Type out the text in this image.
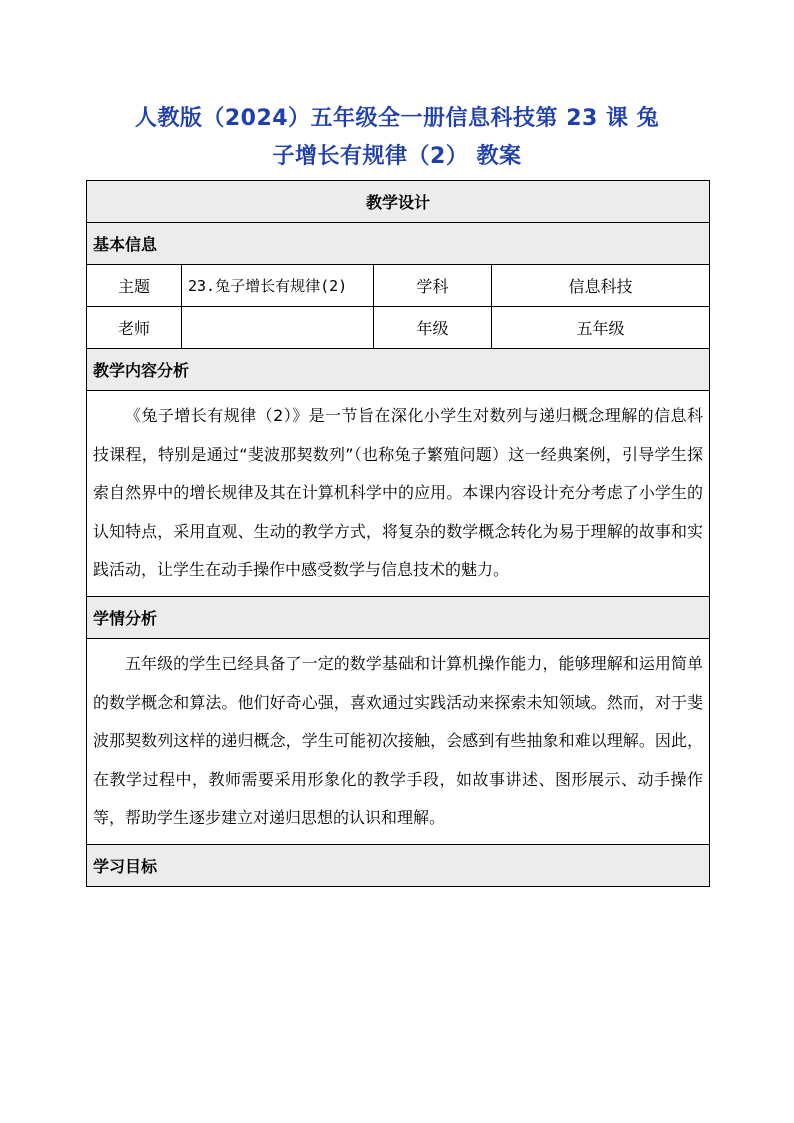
人教版（2024）五年级全一册信息科技第 23 课 兔
子增长有规律（2） 教案
教学设计			
基本信息			
主题	23.兔子增长有规律(2)	学科	信息科技
老师		年级	五年级
教学内容分析			
《兔子增长有规律（2）》是一节旨在深化小学生对数列与递归概念理解的信息科技课程，特别是通过“斐波那契数列”（也称兔子繁殖问题）这一经典案例，引导学生探索自然界中的增长规律及其在计算机科学中的应用。本课内容设计充分考虑了小学生的认知特点，采用直观、生动的教学方式，将复杂的数学概念转化为易于理解的故事和实践活动，让学生在动手操作中感受数学与信息技术的魅力。			
学情分析			
五年级的学生已经具备了一定的数学基础和计算机操作能力，能够理解和运用简单的数学概念和算法。他们好奇心强，喜欢通过实践活动来探索未知领域。然而，对于斐波那契数列这样的递归概念，学生可能初次接触，会感到有些抽象和难以理解。因此，在教学过程中，教师需要采用形象化的教学手段，如故事讲述、图形展示、动手操作等，帮助学生逐步建立对递归思想的认识和理解。			
学习目标			
